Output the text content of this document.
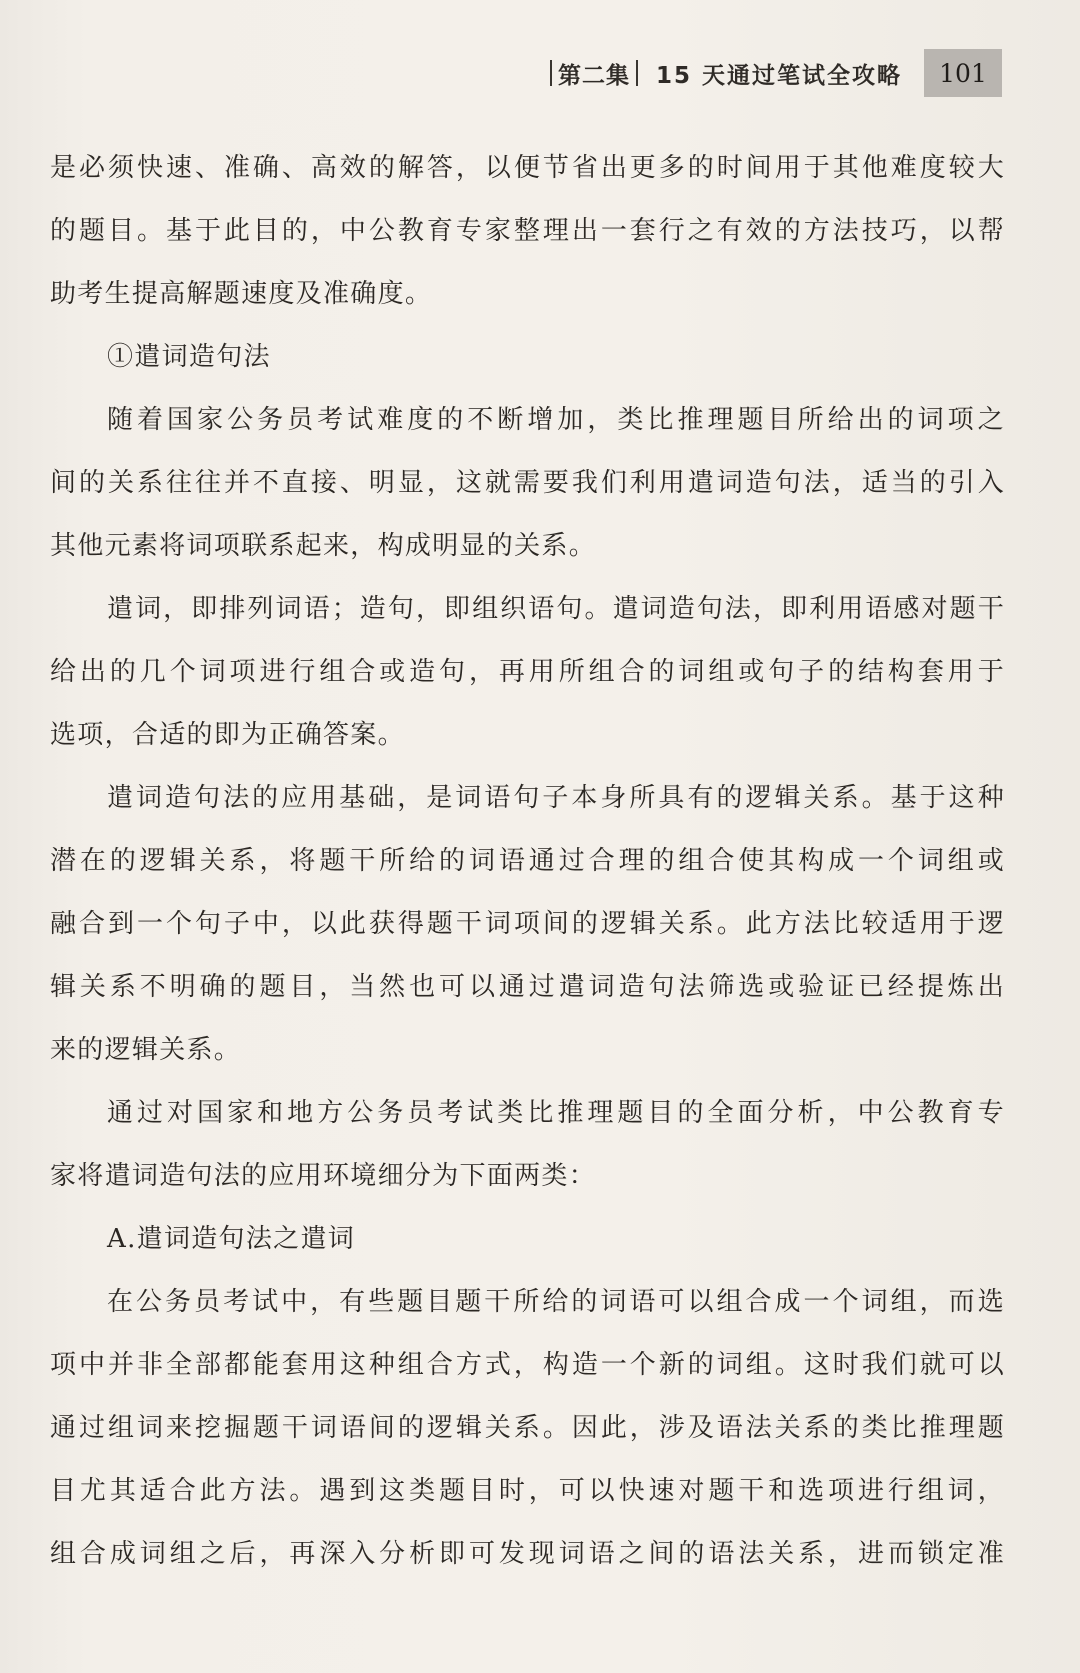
第二集 15 天通过笔试全攻略	101
是必须快速、准确、高效的解答，以便节省出更多的时间用于其他难度较大
的题目。基于此目的，中公教育专家整理出一套行之有效的方法技巧，以帮
助考生提高解题速度及准确度。
①遣词造句法
随着国家公务员考试难度的不断增加，类比推理题目所给出的词项之
间的关系往往并不直接、明显，这就需要我们利用遣词造句法，适当的引入
其他元素将词项联系起来，构成明显的关系。
遣词，即排列词语；造句，即组织语句。遣词造句法，即利用语感对题干
给出的几个词项进行组合或造句，再用所组合的词组或句子的结构套用于
选项，合适的即为正确答案。
遣词造句法的应用基础，是词语句子本身所具有的逻辑关系。基于这种
潜在的逻辑关系，将题干所给的词语通过合理的组合使其构成一个词组或
融合到一个句子中，以此获得题干词项间的逻辑关系。此方法比较适用于逻
辑关系不明确的题目，当然也可以通过遣词造句法筛选或验证已经提炼出
来的逻辑关系。
通过对国家和地方公务员考试类比推理题目的全面分析，中公教育专
家将遣词造句法的应用环境细分为下面两类：
A.遣词造句法之遣词
在公务员考试中，有些题目题干所给的词语可以组合成一个词组，而选
项中并非全部都能套用这种组合方式，构造一个新的词组。这时我们就可以
通过组词来挖掘题干词语间的逻辑关系。因此，涉及语法关系的类比推理题
目尤其适合此方法。遇到这类题目时，可以快速对题干和选项进行组词，
组合成词组之后，再深入分析即可发现词语之间的语法关系，进而锁定准
